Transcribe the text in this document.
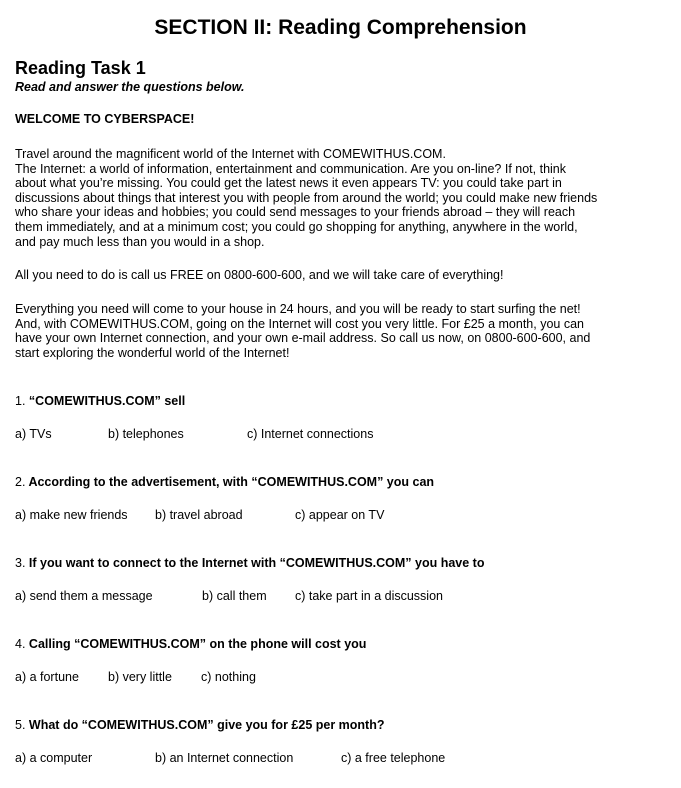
SECTION II: Reading Comprehension
Reading Task 1

Read and answer the questions below.

WELCOME TO CYBERSPACE!

Travel around the magnificent world of the Internet with COMEWITHUS.COM.
The Internet: a world of information, entertainment and communication. Are you on-line? If not, think
about what you’re missing. You could get the latest news it even appears TV: you could take part in
discussions about things that interest you with people from around the world; you could make new friends
who share your ideas and hobbies; you could send messages to your friends abroad – they will reach
them immediately, and at a minimum cost; you could go shopping for anything, anywhere in the world,
and pay much less than you would in a shop.

All you need to do is call us FREE on 0800-600-600, and we will take care of everything!

Everything you need will come to your house in 24 hours, and you will be ready to start surfing the net!
And, with COMEWITHUS.COM, going on the Internet will cost you very little. For £25 a month, you can
have your own Internet connection, and your own e-mail address. So call us now, on 0800-600-600, and
start exploring the wonderful world of the Internet!

1. “COMEWITHUS.COM” sell

a) TVs	b) telephones	c) Internet connections

2. According to the advertisement, with “COMEWITHUS.COM” you can

a) make new friends b) travel abroad	c) appear on TV

3. If you want to connect to the Internet with “COMEWITHUS.COM” you have to

a) send them a message	b) call them c) take part in a discussion

4. Calling “COMEWITHUS.COM” on the phone will cost you

a) a fortune b) very little c) nothing

5. What do “COMEWITHUS.COM” give you for £25 per month?

a) a computer	b) an Internet connection	c) a free telephone
